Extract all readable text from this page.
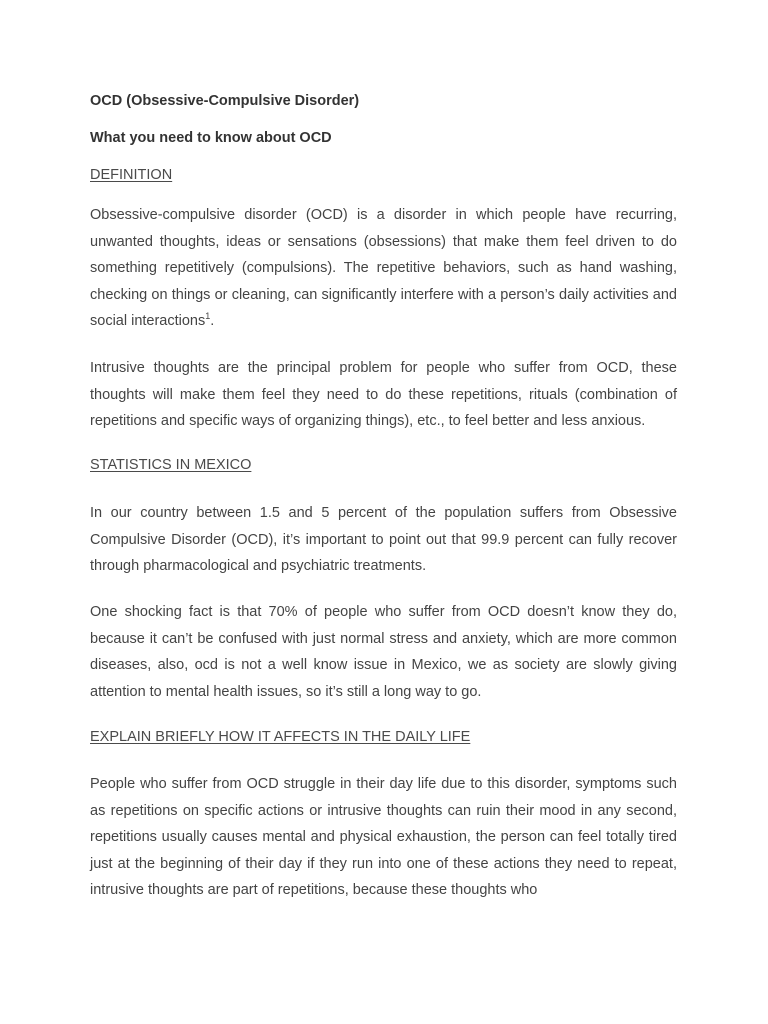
OCD (Obsessive-Compulsive Disorder)
What you need to know about OCD
DEFINITION

Obsessive-compulsive disorder (OCD) is a disorder in which people have recurring, unwanted thoughts, ideas or sensations (obsessions) that make them feel driven to do something repetitively (compulsions). The repetitive behaviors, such as hand washing, checking on things or cleaning, can significantly interfere with a person’s daily activities and social interactions$^1$.

Intrusive thoughts are the principal problem for people who suffer from OCD, these thoughts will make them feel they need to do these repetitions, rituals (combination of repetitions and specific ways of organizing things), etc., to feel better and less anxious.

STATISTICS IN MEXICO

In our country between 1.5 and 5 percent of the population suffers from Obsessive Compulsive Disorder (OCD), it’s important to point out that 99.9 percent can fully recover through pharmacological and psychiatric treatments.

One shocking fact is that 70% of people who suffer from OCD doesn’t know they do, because it can’t be confused with just normal stress and anxiety, which are more common diseases, also, ocd is not a well know issue in Mexico, we as society are slowly giving attention to mental health issues, so it’s still a long way to go.

EXPLAIN BRIEFLY HOW IT AFFECTS IN THE DAILY LIFE

People who suffer from OCD struggle in their day life due to this disorder, symptoms such as repetitions on specific actions or intrusive thoughts can ruin their mood in any second, repetitions usually causes mental and physical exhaustion, the person can feel totally tired just at the beginning of their day if they run into one of these actions they need to repeat, intrusive thoughts are part of repetitions, because these thoughts who
